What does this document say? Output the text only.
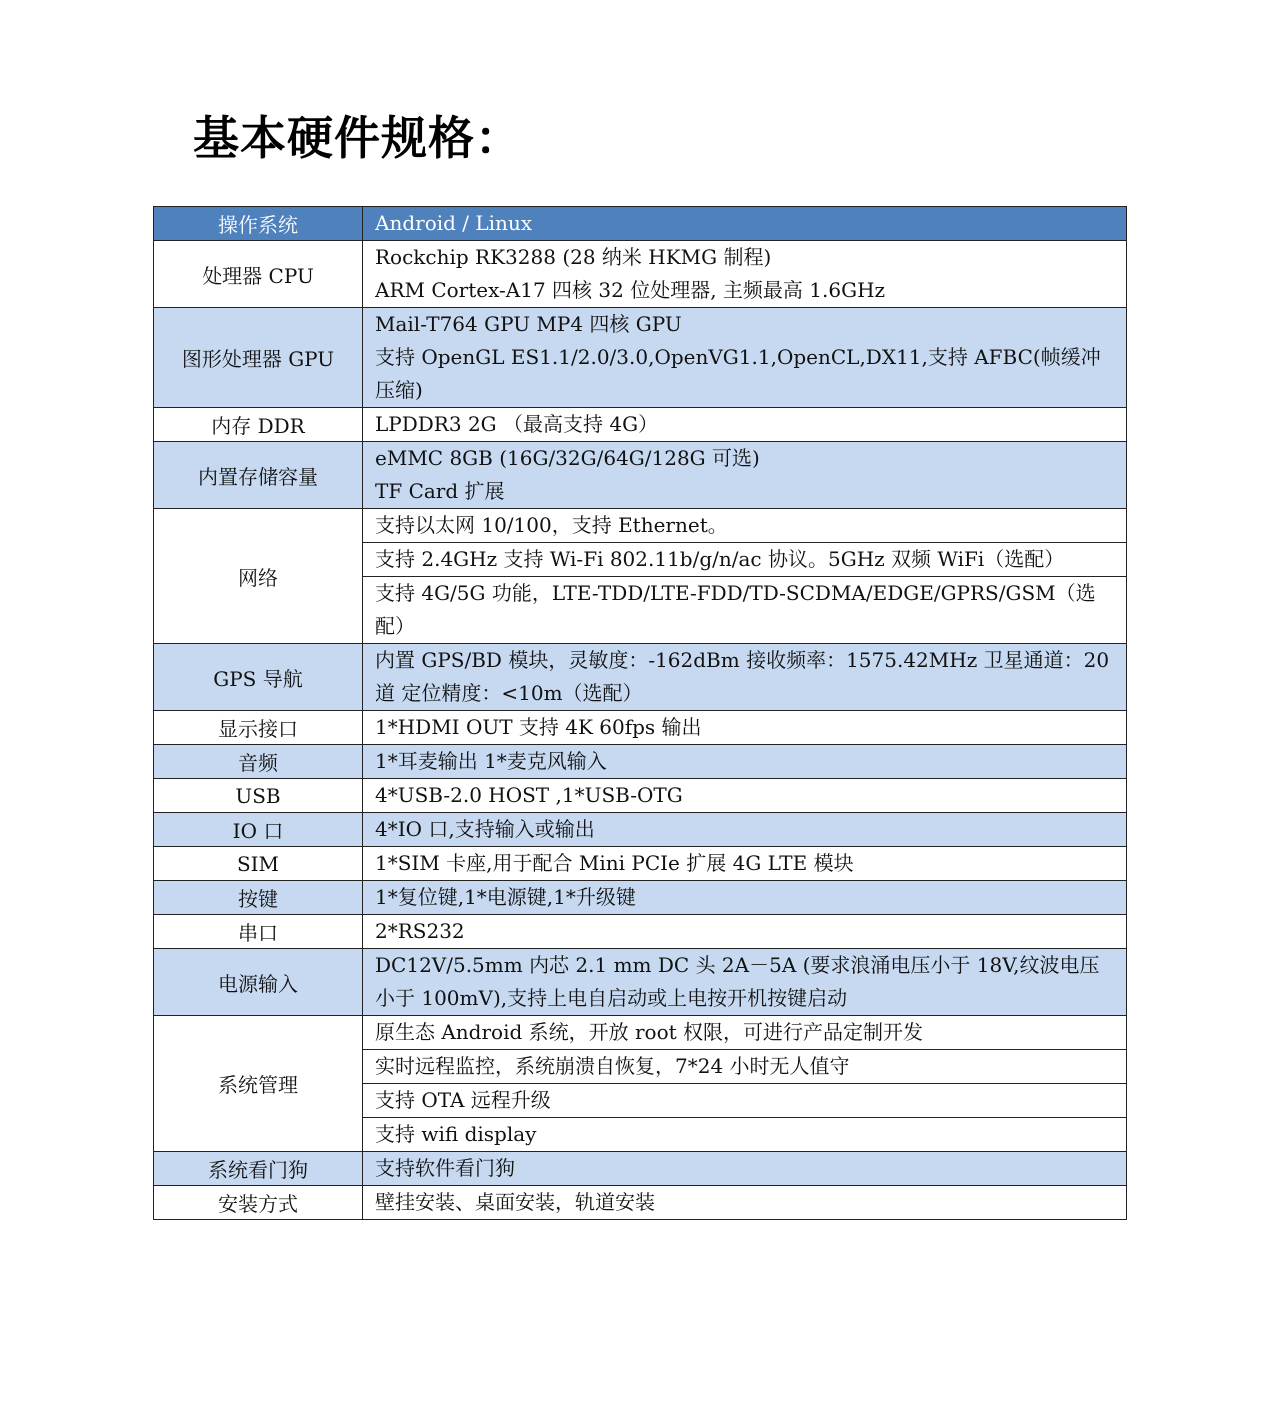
基本硬件规格：
操作系统	Android / Linux

处理器 CPU	Rockchip RK3288 (28 纳米 HKMG 制程)
ARM Cortex-A17 四核 32 位处理器, 主频最高 1.6GHz

图形处理器 GPU	Mail-T764 GPU MP4 四核 GPU
支持 OpenGL ES1.1/2.0/3.0,OpenVG1.1,OpenCL,DX11,支持 AFBC(帧缓冲压缩)

内存 DDR	LPDDR3 2G （最高支持 4G）

内置存储容量	eMMC 8GB (16G/32G/64G/128G 可选)
TF Card 扩展

网络	支持以太网 10/100，支持 Ethernet。

	支持 2.4GHz 支持 Wi-Fi 802.11b/g/n/ac 协议。5GHz 双频 WiFi（选配）

	支持 4G/5G 功能，LTE-TDD/LTE-FDD/TD-SCDMA/EDGE/GPRS/GSM（选配）

GPS 导航	内置 GPS/BD 模块，灵敏度：-162dBm 接收频率：1575.42MHz 卫星通道：20 道 定位精度：<10m（选配）

显示接口	1*HDMI OUT 支持 4K 60fps 输出

音频	1*耳麦输出 1*麦克风输入

USB	4*USB-2.0 HOST ,1*USB-OTG

IO 口	4*IO 口,支持输入或输出

SIM	1*SIM 卡座,用于配合 Mini PCIe 扩展 4G LTE 模块

按键	1*复位键,1*电源键,1*升级键

串口	2*RS232

电源输入	DC12V/5.5mm 内芯 2.1 mm DC 头 2A－5A (要求浪涌电压小于 18V,纹波电压小于 100mV),支持上电自启动或上电按开机按键启动

系统管理	原生态 Android 系统，开放 root 权限，可进行产品定制开发

	实时远程监控，系统崩溃自恢复，7*24 小时无人值守

	支持 OTA 远程升级

	支持 wifi display

系统看门狗	支持软件看门狗

安装方式	壁挂安装、桌面安装，轨道安装
